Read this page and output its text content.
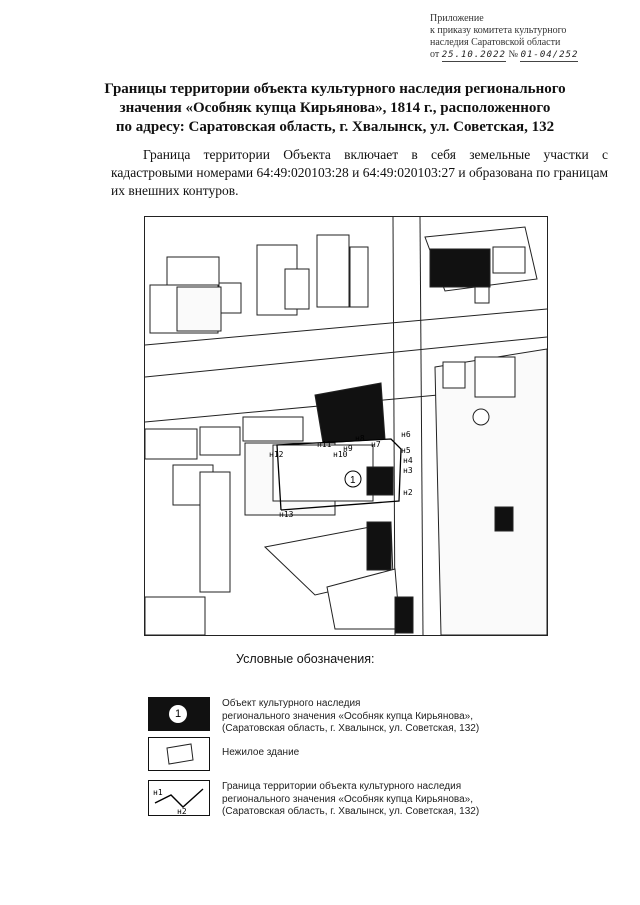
Приложение
к приказу комитета культурного
наследия Саратовской области
от 25.10.2022 № 01-04/252
Границы территории объекта культурного наследия регионального
значения «Особняк купца Кирьянова», 1814 г., расположенного
по адресу: Саратовская область, г. Хвалынск, ул. Советская, 132
Граница территории Объекта включает в себя земельные участки с кадастровыми номерами 64:49:020103:28 и 64:49:020103:27 и образована по границам их внешних контуров.
н2
н3
н4
н5
н6
н7
н8
н9
н10
н11
н12
н13
1
Условные обозначения:
1
Объект культурного наследия
регионального значения «Особняк купца Кирьянова»,
(Саратовская область, г. Хвалынск, ул. Советская, 132)
Нежилое здание
н1
н2
Граница территории объекта культурного наследия
регионального значения «Особняк купца Кирьянова»,
(Саратовская область, г. Хвалынск, ул. Советская, 132)
